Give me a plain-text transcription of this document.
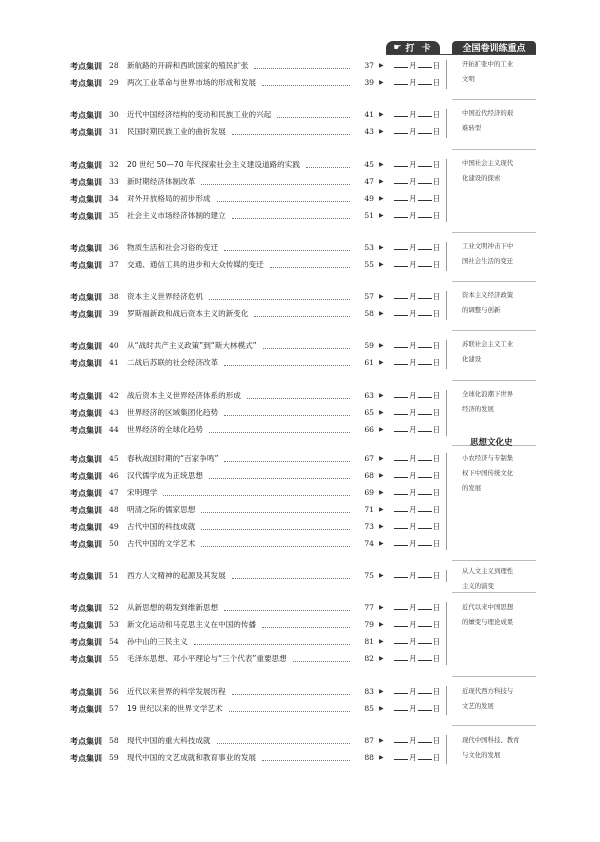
☛ 打 卡	全国卷训练重点
考点集训 28 新航路的开辟和西欧国家的殖民扩张	37 ▶	月 日
考点集训 29 两次工业革命与世界市场的形成和发展	39 ▶	月 日
考点集训 30 近代中国经济结构的变动和民族工业的兴起	41 ▶	月 日
考点集训 31 民国时期民族工业的曲折发展	43 ▶	月 日
考点集训 32 20 世纪 50—70 年代探索社会主义建设道路的实践	45 ▶	月 日
考点集训 33 新时期经济体制改革	47 ▶	月 日
考点集训 34 对外开放格局的初步形成	49 ▶	月 日
考点集训 35 社会主义市场经济体制的建立	51 ▶	月 日
考点集训 36 物质生活和社会习俗的变迁	53 ▶	月 日
考点集训 37 交通、通信工具的进步和大众传媒的变迁	55 ▶	月 日
考点集训 38 资本主义世界经济危机	57 ▶	月 日
考点集训 39 罗斯福新政和战后资本主义的新变化	58 ▶	月 日
考点集训 40 从“战时共产主义政策”到“斯大林模式”	59 ▶	月 日
考点集训 41 二战后苏联的社会经济改革	61 ▶	月 日
考点集训 42 战后资本主义世界经济体系的形成	63 ▶	月 日
考点集训 43 世界经济的区域集团化趋势	65 ▶	月 日
考点集训 44 世界经济的全球化趋势	66 ▶	月 日
考点集训 45 春秋战国时期的“百家争鸣”	67 ▶	月 日
考点集训 46 汉代儒学成为正统思想	68 ▶	月 日
考点集训 47 宋明理学	69 ▶	月 日
考点集训 48 明清之际的儒家思想	71 ▶	月 日
考点集训 49 古代中国的科技成就	73 ▶	月 日
考点集训 50 古代中国的文学艺术	74 ▶	月 日
考点集训 51 西方人文精神的起源及其发展	75 ▶	月 日
考点集训 52 从新思想的萌发到维新思想	77 ▶	月 日
考点集训 53 新文化运动和马克思主义在中国的传播	79 ▶	月 日
考点集训 54 孙中山的三民主义	81 ▶	月 日
考点集训 55 毛泽东思想、邓小平理论与“三个代表”重要思想	82 ▶	月 日
考点集训 56 近代以来世界的科学发展历程	83 ▶	月 日
考点集训 57 19 世纪以来的世界文学艺术	85 ▶	月 日
考点集训 58 现代中国的重大科技成就	87 ▶	月 日
考点集训 59 现代中国的文艺成就和教育事业的发展	88 ▶	月 日
开拓扩张中的工业
文明
中国近代经济的艰
难转型
中国社会主义现代
化建设的探索
工业文明冲击下中
国社会生活的变迁
资本主义经济政策
的调整与创新
苏联社会主义工业
化建设
全球化浪潮下世界
经济的发展
小农经济与专制集
权下中国传统文化
的发展
从人文主义到理性
主义的演变
近代以来中国思想
的嬗变与理论成果
近现代西方科技与
文艺的发展
现代中国科技、教育
与文化的发展
思想文化史
